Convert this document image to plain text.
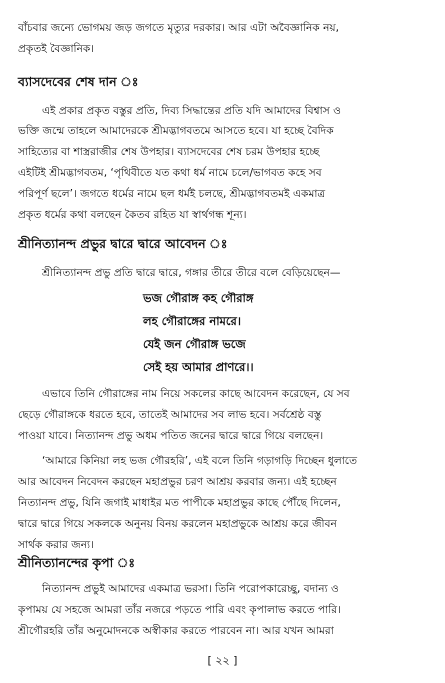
বাঁচবার জন্যে ভোগময় জড় জগতে মৃত্যুর দরকার। আর এটা অবৈজ্ঞানিক নয়,
প্রকৃতই বৈজ্ঞানিক।
ব্যাসদেবের শেষ দান ঃ
এই প্রকার প্রকৃত বস্তুর প্রতি, দিব্য সিদ্ধান্তের প্রতি যদি আমাদের বিশ্বাস ও
ভক্তি জন্মে তাহলে আমাদেরকে শ্রীমদ্ভাগবতমে আসতে হবে। যা হচ্ছে বৈদিক
সাহিত্যের বা শাস্ত্ররাজীর শেষ উপহার। ব্যাসদেবের শেষ চরম উপহার হচ্ছে
এইটিই শ্রীমদ্ভাগবতম, ‘পৃথিবীতে যত কথা ধর্ম নামে চলে/ভাগবত কহে সব
পরিপূর্ণ ছলে’। জগতে ধর্মের নামে ছল ধর্মই চলছে, শ্রীমদ্ভাগবতমই একমাত্র
প্রকৃত ধর্মের কথা বলছেন কৈতব রহিত যা স্বার্থগন্ধ শূন্য।
শ্রীনিত্যানন্দ প্রভুর দ্বারে দ্বারে আবেদন ঃ
শ্রীনিত্যানন্দ প্রভু প্রতি দ্বারে দ্বারে, গঙ্গার তীরে তীরে বলে বেড়িয়েছেন—
ভজ গৌরাঙ্গ কহ গৌরাঙ্গ
লহ গৌরাঙ্গের নামরে।
যেই জন গৌরাঙ্গ ভজে
সেই হয় আমার প্রাণরে।।
এভাবে তিনি গৌরাঙ্গের নাম নিয়ে সকলের কাছে আবেদন করেছেন, যে সব
ছেড়ে গৌরাঙ্গকে ধরতে হবে, তাতেই আমাদের সব লাভ হবে। সর্বশ্রেষ্ঠ বস্তু
পাওয়া যাবে। নিত্যানন্দ প্রভু অধম পতিত জনের দ্বারে দ্বারে গিয়ে বলছেন।
‘আমারে কিনিয়া লহ ভজ গৌরহরি’, এই বলে তিনি গড়াগড়ি দিচ্ছেন ধুলাতে
আর আবেদন নিবেদন করছেন মহাপ্রভুর চরণ আশ্রয় করবার জন্য। এই হচ্ছেন
নিত্যানন্দ প্রভু, যিনি জগাই মাধাইর মত পাপীকে মহাপ্রভুর কাছে পৌঁছে দিলেন,
দ্বারে দ্বারে গিয়ে সকলকে অনুনয় বিনয় করলেন মহাপ্রভুকে আশ্রয় করে জীবন
সার্থক করার জন্য।
শ্রীনিত্যানন্দের কৃপা ঃ
নিত্যানন্দ প্রভুই আমাদের একমাত্র ভরসা। তিনি পরোপকারেচ্ছু, বদান্য ও
কৃপাময় যে সহজে আমরা তাঁর নজরে পড়তে পারি এবং কৃপালাভ করতে পারি।
শ্রীগৌরহরি তাঁর অনুমোদনকে অস্বীকার করতে পারবেন না। আর যখন আমরা
[ ২২ ]
